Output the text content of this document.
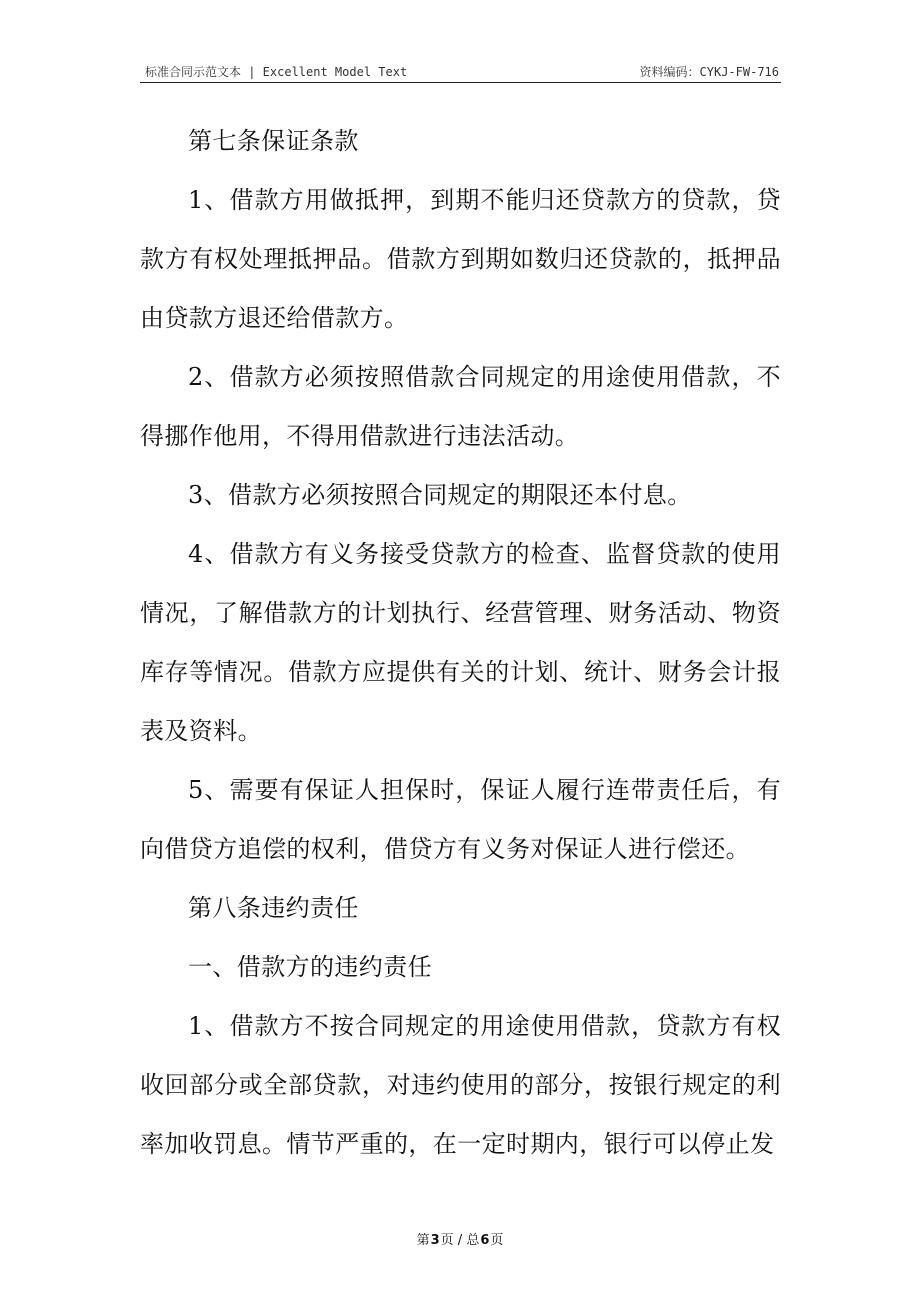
标准合同示范文本 | Excellent Model Text	资料编码：CYKJ-FW-716

第七条保证条款

1、借款方用做抵押，到期不能归还贷款方的贷款，贷款方有权处理抵押品。借款方到期如数归还贷款的，抵押品由贷款方退还给借款方。

2、借款方必须按照借款合同规定的用途使用借款，不得挪作他用，不得用借款进行违法活动。

3、借款方必须按照合同规定的期限还本付息。

4、借款方有义务接受贷款方的检查、监督贷款的使用情况，了解借款方的计划执行、经营管理、财务活动、物资库存等情况。借款方应提供有关的计划、统计、财务会计报表及资料。

5、需要有保证人担保时，保证人履行连带责任后，有向借贷方追偿的权利，借贷方有义务对保证人进行偿还。

第八条违约责任

一、借款方的违约责任

1、借款方不按合同规定的用途使用借款，贷款方有权收回部分或全部贷款，对违约使用的部分，按银行规定的利率加收罚息。情节严重的，在一定时期内，银行可以停止发

第3页 / 总6页
